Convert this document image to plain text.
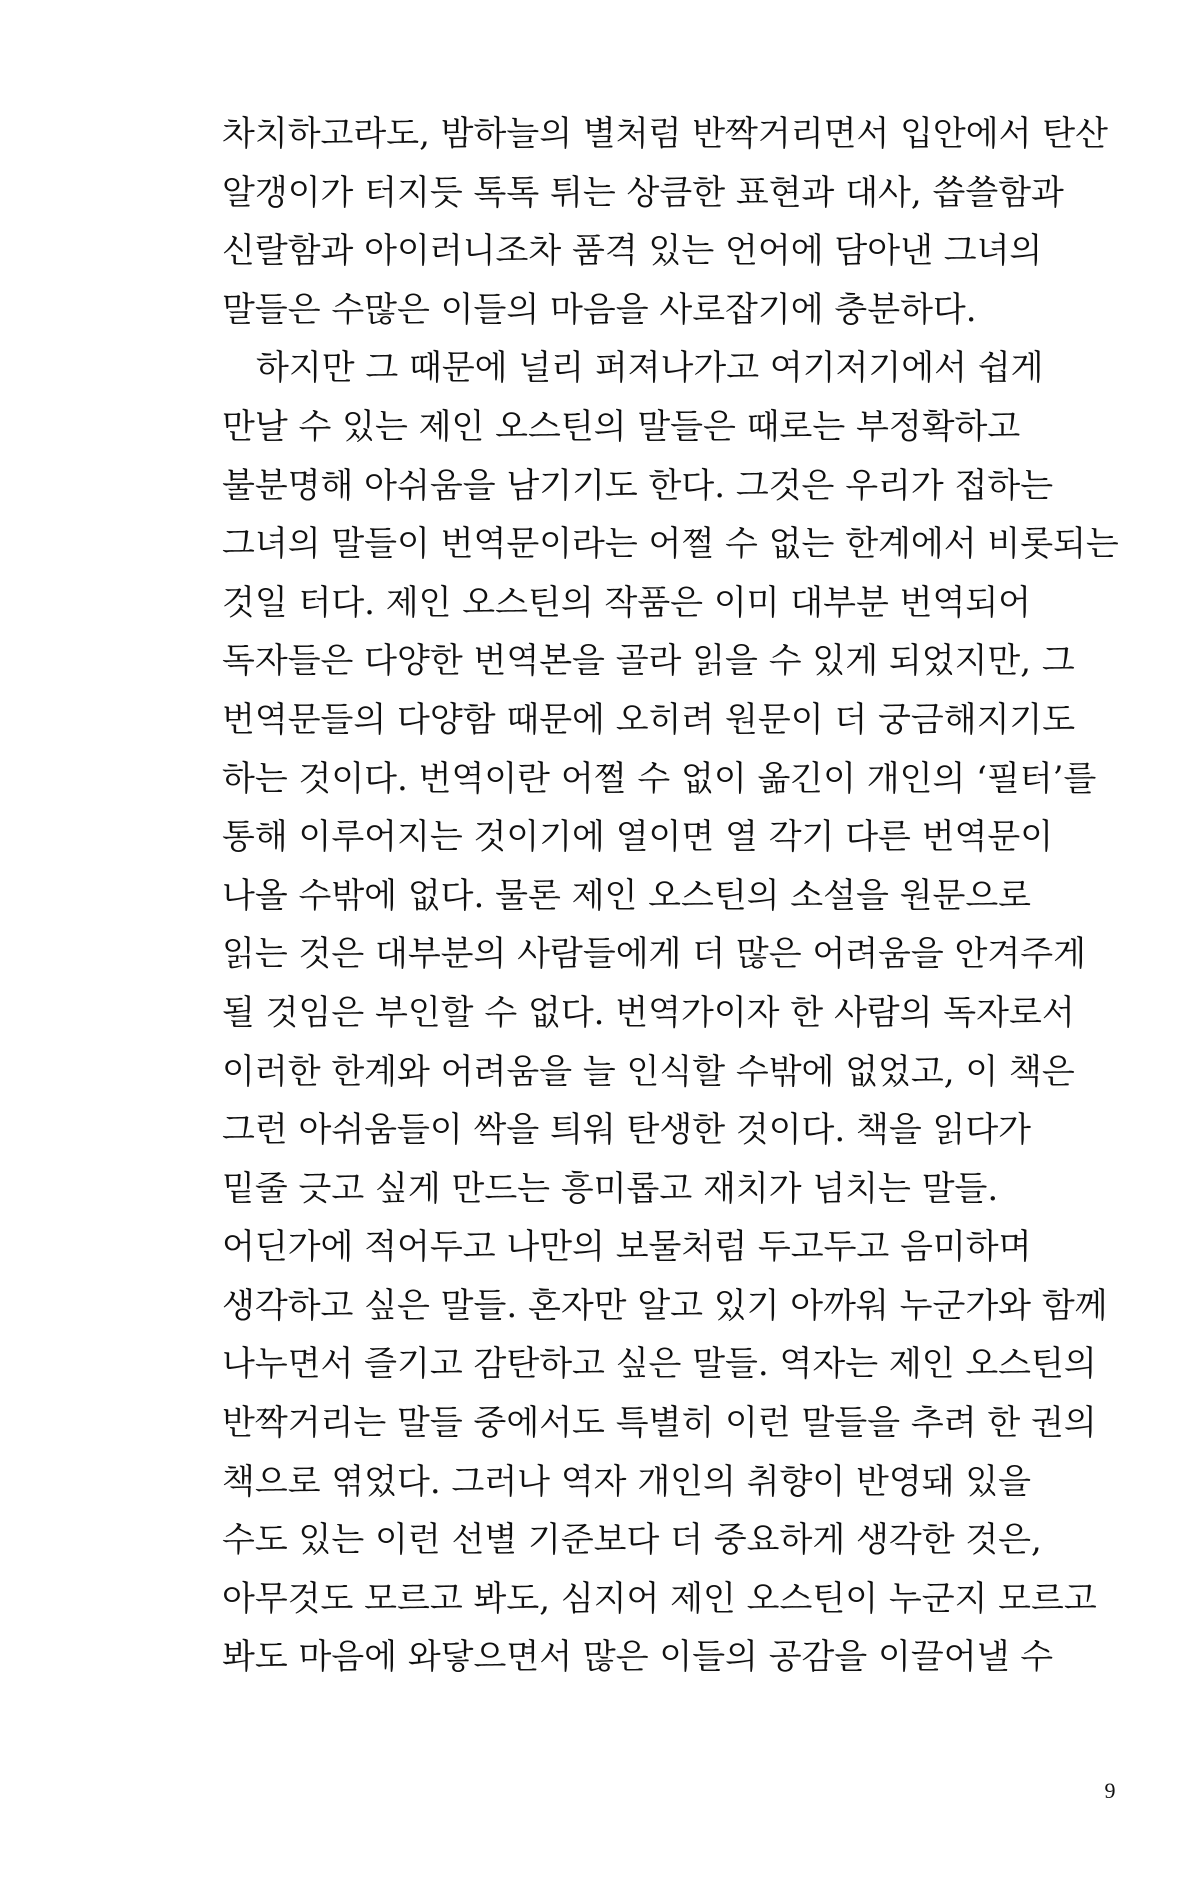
차치하고라도, 밤하늘의 별처럼 반짝거리면서 입안에서 탄산
알갱이가 터지듯 톡톡 튀는 상큼한 표현과 대사, 씁쓸함과
신랄함과 아이러니조차 품격 있는 언어에 담아낸 그녀의
말들은 수많은 이들의 마음을 사로잡기에 충분하다.
하지만 그 때문에 널리 퍼져나가고 여기저기에서 쉽게
만날 수 있는 제인 오스틴의 말들은 때로는 부정확하고
불분명해 아쉬움을 남기기도 한다. 그것은 우리가 접하는
그녀의 말들이 번역문이라는 어쩔 수 없는 한계에서 비롯되는
것일 터다. 제인 오스틴의 작품은 이미 대부분 번역되어
독자들은 다양한 번역본을 골라 읽을 수 있게 되었지만, 그
번역문들의 다양함 때문에 오히려 원문이 더 궁금해지기도
하는 것이다. 번역이란 어쩔 수 없이 옮긴이 개인의 ‘필터’를
통해 이루어지는 것이기에 열이면 열 각기 다른 번역문이
나올 수밖에 없다. 물론 제인 오스틴의 소설을 원문으로
읽는 것은 대부분의 사람들에게 더 많은 어려움을 안겨주게
될 것임은 부인할 수 없다. 번역가이자 한 사람의 독자로서
이러한 한계와 어려움을 늘 인식할 수밖에 없었고, 이 책은
그런 아쉬움들이 싹을 틔워 탄생한 것이다. 책을 읽다가
밑줄 긋고 싶게 만드는 흥미롭고 재치가 넘치는 말들.
어딘가에 적어두고 나만의 보물처럼 두고두고 음미하며
생각하고 싶은 말들. 혼자만 알고 있기 아까워 누군가와 함께
나누면서 즐기고 감탄하고 싶은 말들. 역자는 제인 오스틴의
반짝거리는 말들 중에서도 특별히 이런 말들을 추려 한 권의
책으로 엮었다. 그러나 역자 개인의 취향이 반영돼 있을
수도 있는 이런 선별 기준보다 더 중요하게 생각한 것은,
아무것도 모르고 봐도, 심지어 제인 오스틴이 누군지 모르고
봐도 마음에 와닿으면서 많은 이들의 공감을 이끌어낼 수
9
